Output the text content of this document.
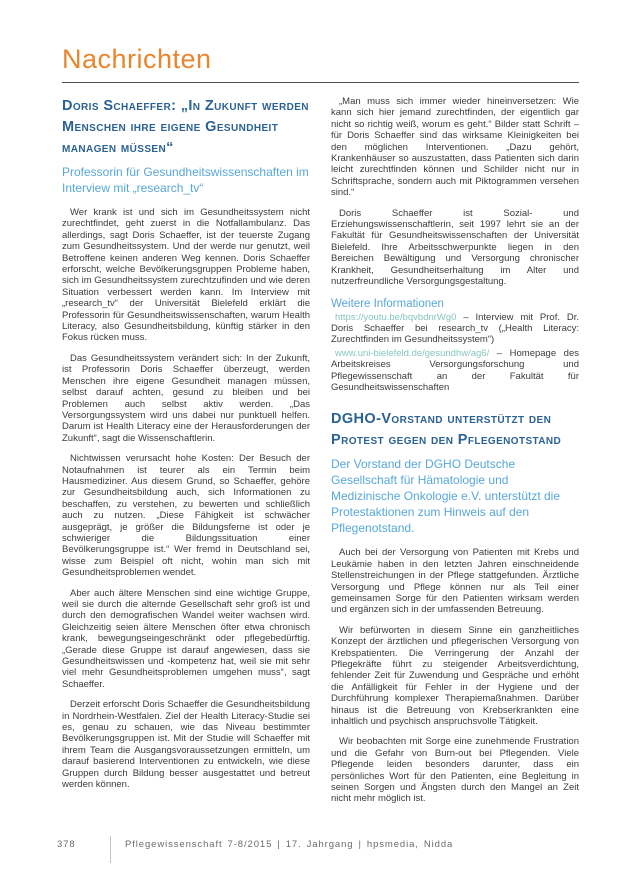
Nachrichten
Doris Schaeffer: „In Zukunft werden Menschen ihre eigene Gesundheit managen müssen“
Professorin für Gesundheitswissenschaften im Interview mit „research_tv“

Wer krank ist und sich im Gesundheitssystem nicht zurechtfindet, geht zuerst in die Notfallambulanz. Das allerdings, sagt Doris Schaeffer, ist der teuerste Zugang zum Gesundheitssystem. Und der werde nur genutzt, weil Betroffene keinen anderen Weg kennen. Doris Schaeffer erforscht, welche Bevölkerungsgruppen Probleme haben, sich im Gesundheitssystem zurechtzufinden und wie deren Situation verbessert werden kann. Im Interview mit „research_tv“ der Universität Bielefeld erklärt die Professorin für Gesundheitswissenschaften, warum Health Literacy, also Gesundheitsbildung, künftig stärker in den Fokus rücken muss.

Das Gesundheitssystem verändert sich: In der Zukunft, ist Professorin Doris Schaeffer überzeugt, werden Menschen ihre eigene Gesundheit managen müssen, selbst darauf achten, gesund zu bleiben und bei Problemen auch selbst aktiv werden. „Das Versorgungssystem wird uns dabei nur punktuell helfen. Darum ist Health Literacy eine der Herausforderungen der Zukunft“, sagt die Wissenschaftlerin.

Nichtwissen verursacht hohe Kosten: Der Besuch der Notaufnahmen ist teurer als ein Termin beim Hausmediziner. Aus diesem Grund, so Schaeffer, gehöre zur Gesundheitsbildung auch, sich Informationen zu beschaffen, zu verstehen, zu bewerten und schließlich auch zu nutzen. „Diese Fähigkeit ist schwächer ausgeprägt, je größer die Bildungsferne ist oder je schwieriger die Bildungssituation einer Bevölkerungsgruppe ist.“ Wer fremd in Deutschland sei, wisse zum Beispiel oft nicht, wohin man sich mit Gesundheitsproblemen wendet.

Aber auch ältere Menschen sind eine wichtige Gruppe, weil sie durch die alternde Gesellschaft sehr groß ist und durch den demografischen Wandel weiter wachsen wird. Gleichzeitig seien ältere Menschen öfter etwa chronisch krank, bewegungseingeschränkt oder pflegebedürftig. „Gerade diese Gruppe ist darauf angewiesen, dass sie Gesundheitswissen und -kompetenz hat, weil sie mit sehr viel mehr Gesundheitsproblemen umgehen muss“, sagt Schaeffer.

Derzeit erforscht Doris Schaeffer die Gesundheitsbildung in Nordrhein-Westfalen. Ziel der Health Literacy-Studie sei es, genau zu schauen, wie das Niveau bestimmter Bevölkerungsgruppen ist. Mit der Studie will Schaeffer mit ihrem Team die Ausgangsvoraussetzungen ermitteln, um darauf basierend Interventionen zu entwickeln, wie diese Gruppen durch Bildung besser ausgestattet und betreut werden können.

„Man muss sich immer wieder hineinversetzen: Wie kann sich hier jemand zurechtfinden, der eigentlich gar nicht so richtig weiß, worum es geht.“ Bilder statt Schrift – für Doris Schaeffer sind das wirksame Kleinigkeiten bei den möglichen Interventionen. „Dazu gehört, Krankenhäuser so auszustatten, dass Patienten sich darin leicht zurechtfinden können und Schilder nicht nur in Schriftsprache, sondern auch mit Piktogrammen versehen sind.“

Doris Schaeffer ist Sozial- und Erziehungswissenschaftlerin, seit 1997 lehrt sie an der Fakultät für Gesundheitswissenschaften der Universität Bielefeld. Ihre Arbeitsschwerpunkte liegen in den Bereichen Bewältigung und Versorgung chronischer Krankheit, Gesundheitserhaltung im Alter und nutzerfreundliche Versorgungsgestaltung.

Weitere Informationen

https://youtu.be/bqvbdnrWg0 – Interview mit Prof. Dr. Doris Schaeffer bei research_tv („Health Literacy: Zurechtfinden im Gesundheitssystem“)

www.uni-bielefeld.de/gesundhw/ag6/ – Homepage des Arbeitskreises Versorgungsforschung und Pflegewissenschaft an der Fakultät für Gesundheitswissenschaften

DGHO-Vorstand unterstützt den Protest gegen den Pflegenotstand
Der Vorstand der DGHO Deutsche Gesellschaft für Hämatologie und Medizinische Onkologie e.V. unterstützt die Protestaktionen zum Hinweis auf den Pflegenotstand.

Auch bei der Versorgung von Patienten mit Krebs und Leukämie haben in den letzten Jahren einschneidende Stellenstreichungen in der Pflege stattgefunden. Ärztliche Versorgung und Pflege können nur als Teil einer gemeinsamen Sorge für den Patienten wirksam werden und ergänzen sich in der umfassenden Betreuung.

Wir befürworten in diesem Sinne ein ganzheitliches Konzept der ärztlichen und pflegerischen Versorgung von Krebspatienten. Die Verringerung der Anzahl der Pflegekräfte führt zu steigender Arbeitsverdichtung, fehlender Zeit für Zuwendung und Gespräche und erhöht die Anfälligkeit für Fehler in der Hygiene und der Durchführung komplexer Therapiemaßnahmen. Darüber hinaus ist die Betreuung von Krebserkrankten eine inhaltlich und psychisch anspruchsvolle Tätigkeit.

Wir beobachten mit Sorge eine zunehmende Frustration und die Gefahr von Burn-out bei Pflegenden. Viele Pflegende leiden besonders darunter, dass ein persönliches Wort für den Patienten, eine Begleitung in seinen Sorgen und Ängsten durch den Mangel an Zeit nicht mehr möglich ist.

378	Pflegewissenschaft 7-8/2015 | 17. Jahrgang | hpsmedia, Nidda
